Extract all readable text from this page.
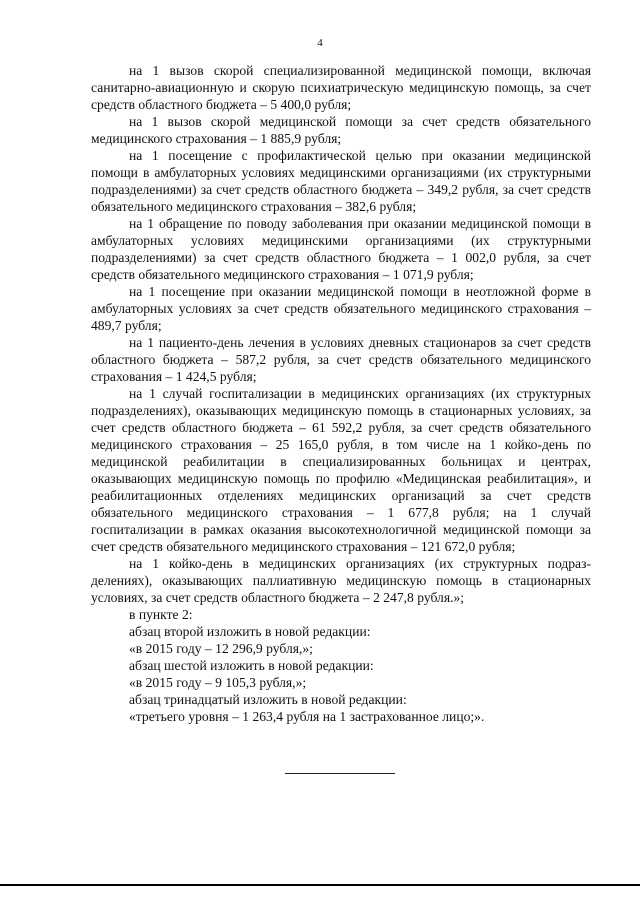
4

на 1 вызов скорой специализированной медицинской помощи, включая санитарно-авиационную и скорую психиатрическую медицинскую помощь, за счет средств областного бюджета – 5 400,0 рубля;

на 1 вызов скорой медицинской помощи за счет средств обязательного медицинского страхования – 1 885,9 рубля;

на 1 посещение с профилактической целью при оказании медицинской помощи в амбулаторных условиях медицинскими организациями (их структурными подразделениями) за счет средств областного бюджета – 349,2 рубля, за счет средств обязательного медицинского страхования – 382,6 рубля;

на 1 обращение по поводу заболевания при оказании медицинской помощи в амбулаторных условиях медицинскими организациями (их структурными подразделениями) за счет средств областного бюджета – 1 002,0 рубля, за счет средств обязательного медицинского страхования – 1 071,9 рубля;

на 1 посещение при оказании медицинской помощи в неотложной форме в амбулаторных условиях за счет средств обязательного медицинского страхования – 489,7 рубля;

на 1 пациенто-день лечения в условиях дневных стационаров за счет средств областного бюджета – 587,2 рубля, за счет средств обязательного медицинского страхования – 1 424,5 рубля;

на 1 случай госпитализации в медицинских организациях (их структурных подразделениях), оказывающих медицинскую помощь в стационарных условиях, за счет средств областного бюджета – 61 592,2 рубля, за счет средств обязательного медицинского страхования – 25 165,0 рубля, в том числе на 1 койко-день по медицинской реабилитации в специализированных больницах и центрах, оказывающих медицинскую помощь по профилю «Медицинская реабилитация», и реабилитационных отделениях медицинских организаций за счет средств обязательного медицинского страхования – 1 677,8 рубля; на 1 случай госпитализации в рамках оказания высокотехнологичной медицинской помощи за счет средств обязательного медицинского страхования – 121 672,0 рубля;

на 1 койко-день в медицинских организациях (их структурных подразделениях), оказывающих паллиативную медицинскую помощь в стационарных условиях, за счет средств областного бюджета – 2 247,8 рубля.»;

в пункте 2:

абзац второй изложить в новой редакции:

«в 2015 году – 12 296,9 рубля,»;

абзац шестой изложить в новой редакции:

«в 2015 году – 9 105,3 рубля,»;

абзац тринадцатый изложить в новой редакции:

«третьего уровня – 1 263,4 рубля на 1 застрахованное лицо;».
